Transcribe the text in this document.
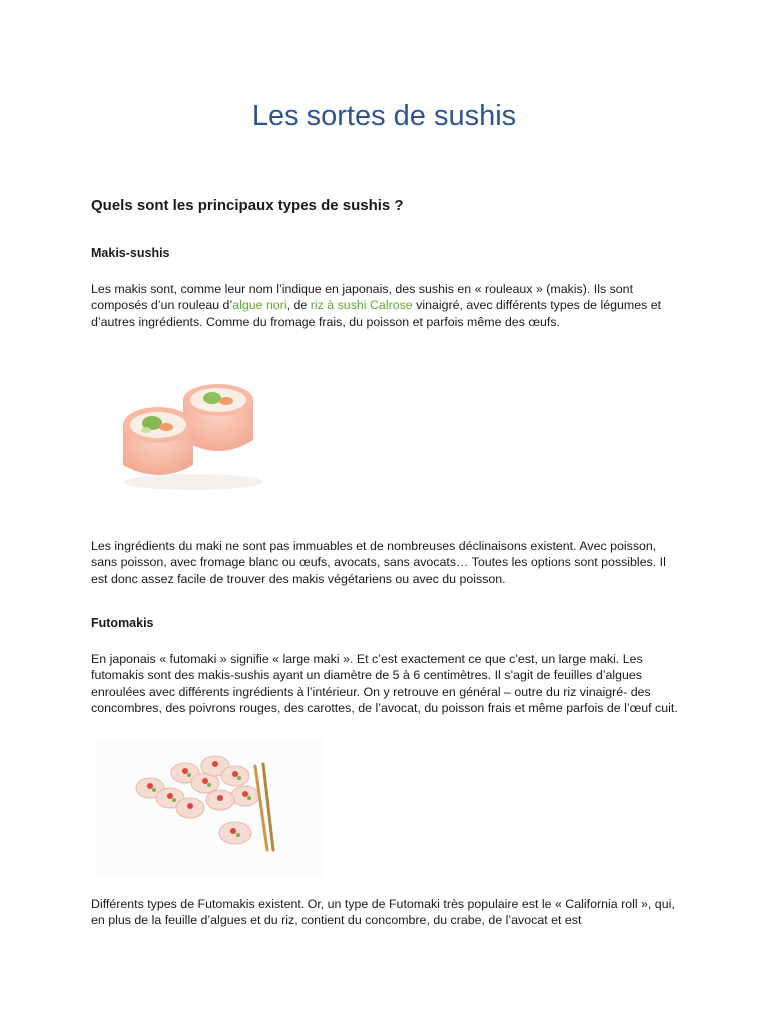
Les sortes de sushis
Quels sont les principaux types de sushis ?
Makis-sushis

Les makis sont, comme leur nom l’indique en japonais, des sushis en « rouleaux » (makis). Ils sont composés d’un rouleau d’algue nori, de riz à sushi Calrose vinaigré, avec différents types de légumes et d’autres ingrédients. Comme du fromage frais, du poisson et parfois même des œufs.

Les ingrédients du maki ne sont pas immuables et de nombreuses déclinaisons existent. Avec poisson, sans poisson, avec fromage blanc ou œufs, avocats, sans avocats… Toutes les options sont possibles. Il est donc assez facile de trouver des makis végétariens ou avec du poisson.

Futomakis

En japonais « futomaki » signifie « large maki ». Et c’est exactement ce que c’est, un large maki. Les futomakis sont des makis-sushis ayant un diamètre de 5 à 6 centimètres. Il s’agit de feuilles d’algues enroulées avec différents ingrédients à l’intérieur. On y retrouve en général – outre du riz vinaigré- des concombres, des poivrons rouges, des carottes, de l’avocat, du poisson frais et même parfois de l’œuf cuit.

Différents types de Futomakis existent. Or, un type de Futomaki très populaire est le « California roll », qui, en plus de la feuille d’algues et du riz, contient du concombre, du crabe, de l’avocat et est
